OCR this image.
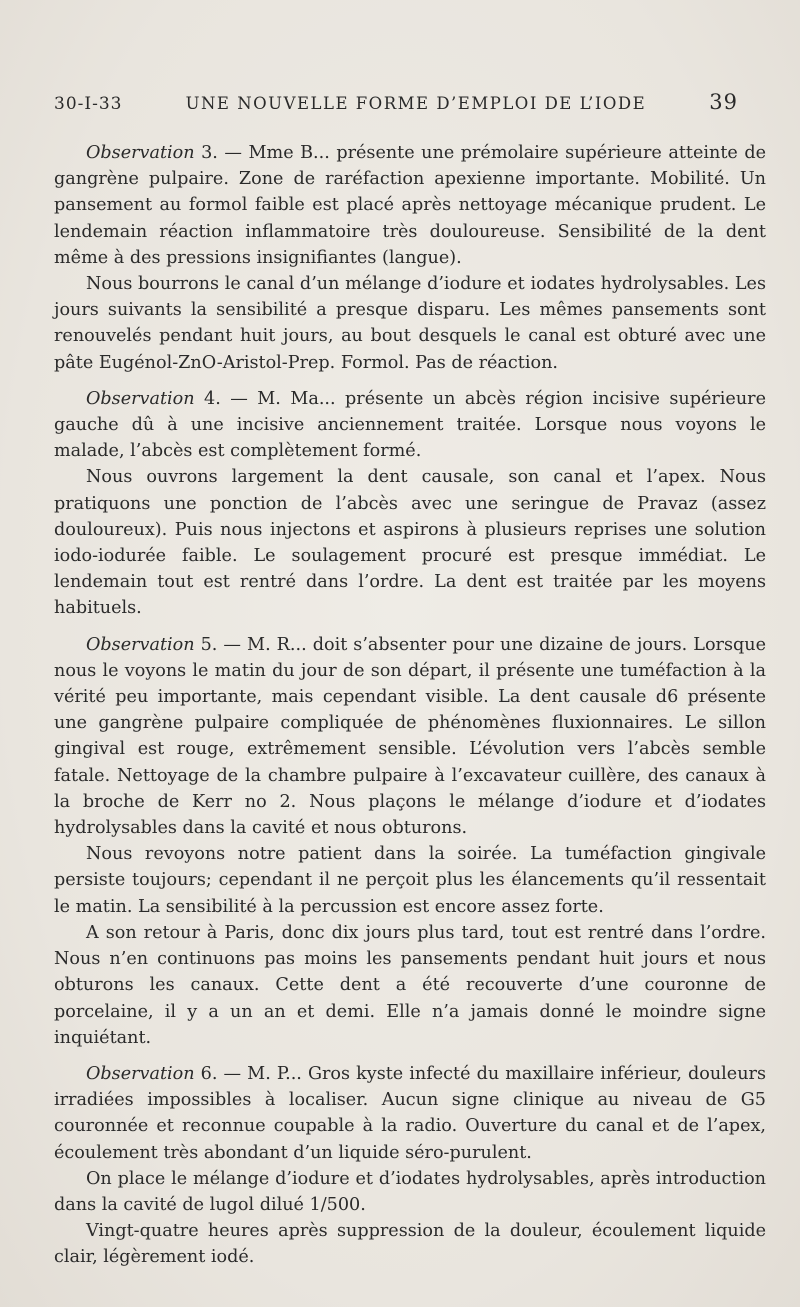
30-I-33	UNE NOUVELLE FORME D’EMPLOI DE L’IODE	39

Observation 3. — Mme B... présente une prémolaire supérieure atteinte de gangrène pulpaire. Zone de raréfaction apexienne importante. Mobilité. Un pansement au formol faible est placé après nettoyage mécanique prudent. Le lendemain réaction inflammatoire très douloureuse. Sensibilité de la dent même à des pressions insignifiantes (langue).

Nous bourrons le canal d’un mélange d’iodure et iodates hydrolysables. Les jours suivants la sensibilité a presque disparu. Les mêmes pansements sont renouvelés pendant huit jours, au bout desquels le canal est obturé avec une pâte Eugénol-ZnO-Aristol-Prep. Formol. Pas de réaction.

Observation 4. — M. Ma... présente un abcès région incisive supérieure gauche dû à une incisive anciennement traitée. Lorsque nous voyons le malade, l’abcès est complètement formé.

Nous ouvrons largement la dent causale, son canal et l’apex. Nous pratiquons une ponction de l’abcès avec une seringue de Pravaz (assez douloureux). Puis nous injectons et aspirons à plusieurs reprises une solution iodo-iodurée faible. Le soulagement procuré est presque immédiat. Le lendemain tout est rentré dans l’ordre. La dent est traitée par les moyens habituels.

Observation 5. — M. R... doit s’absenter pour une dizaine de jours. Lorsque nous le voyons le matin du jour de son départ, il présente une tuméfaction à la vérité peu importante, mais cependant visible. La dent causale d6 présente une gangrène pulpaire compliquée de phénomènes fluxionnaires. Le sillon gingival est rouge, extrêmement sensible. L’évolution vers l’abcès semble fatale. Nettoyage de la chambre pulpaire à l’excavateur cuillère, des canaux à la broche de Kerr no 2. Nous plaçons le mélange d’iodure et d’iodates hydrolysables dans la cavité et nous obturons.

Nous revoyons notre patient dans la soirée. La tuméfaction gingivale persiste toujours; cependant il ne perçoit plus les élancements qu’il ressentait le matin. La sensibilité à la percussion est encore assez forte.

A son retour à Paris, donc dix jours plus tard, tout est rentré dans l’ordre. Nous n’en continuons pas moins les pansements pendant huit jours et nous obturons les canaux. Cette dent a été recouverte d’une couronne de porcelaine, il y a un an et demi. Elle n’a jamais donné le moindre signe inquiétant.

Observation 6. — M. P... Gros kyste infecté du maxillaire inférieur, douleurs irradiées impossibles à localiser. Aucun signe clinique au niveau de G5 couronnée et reconnue coupable à la radio. Ouverture du canal et de l’apex, écoulement très abondant d’un liquide séro-purulent.

On place le mélange d’iodure et d’iodates hydrolysables, après introduction dans la cavité de lugol dilué 1/500.

Vingt-quatre heures après suppression de la douleur, écoulement liquide clair, légèrement iodé.
